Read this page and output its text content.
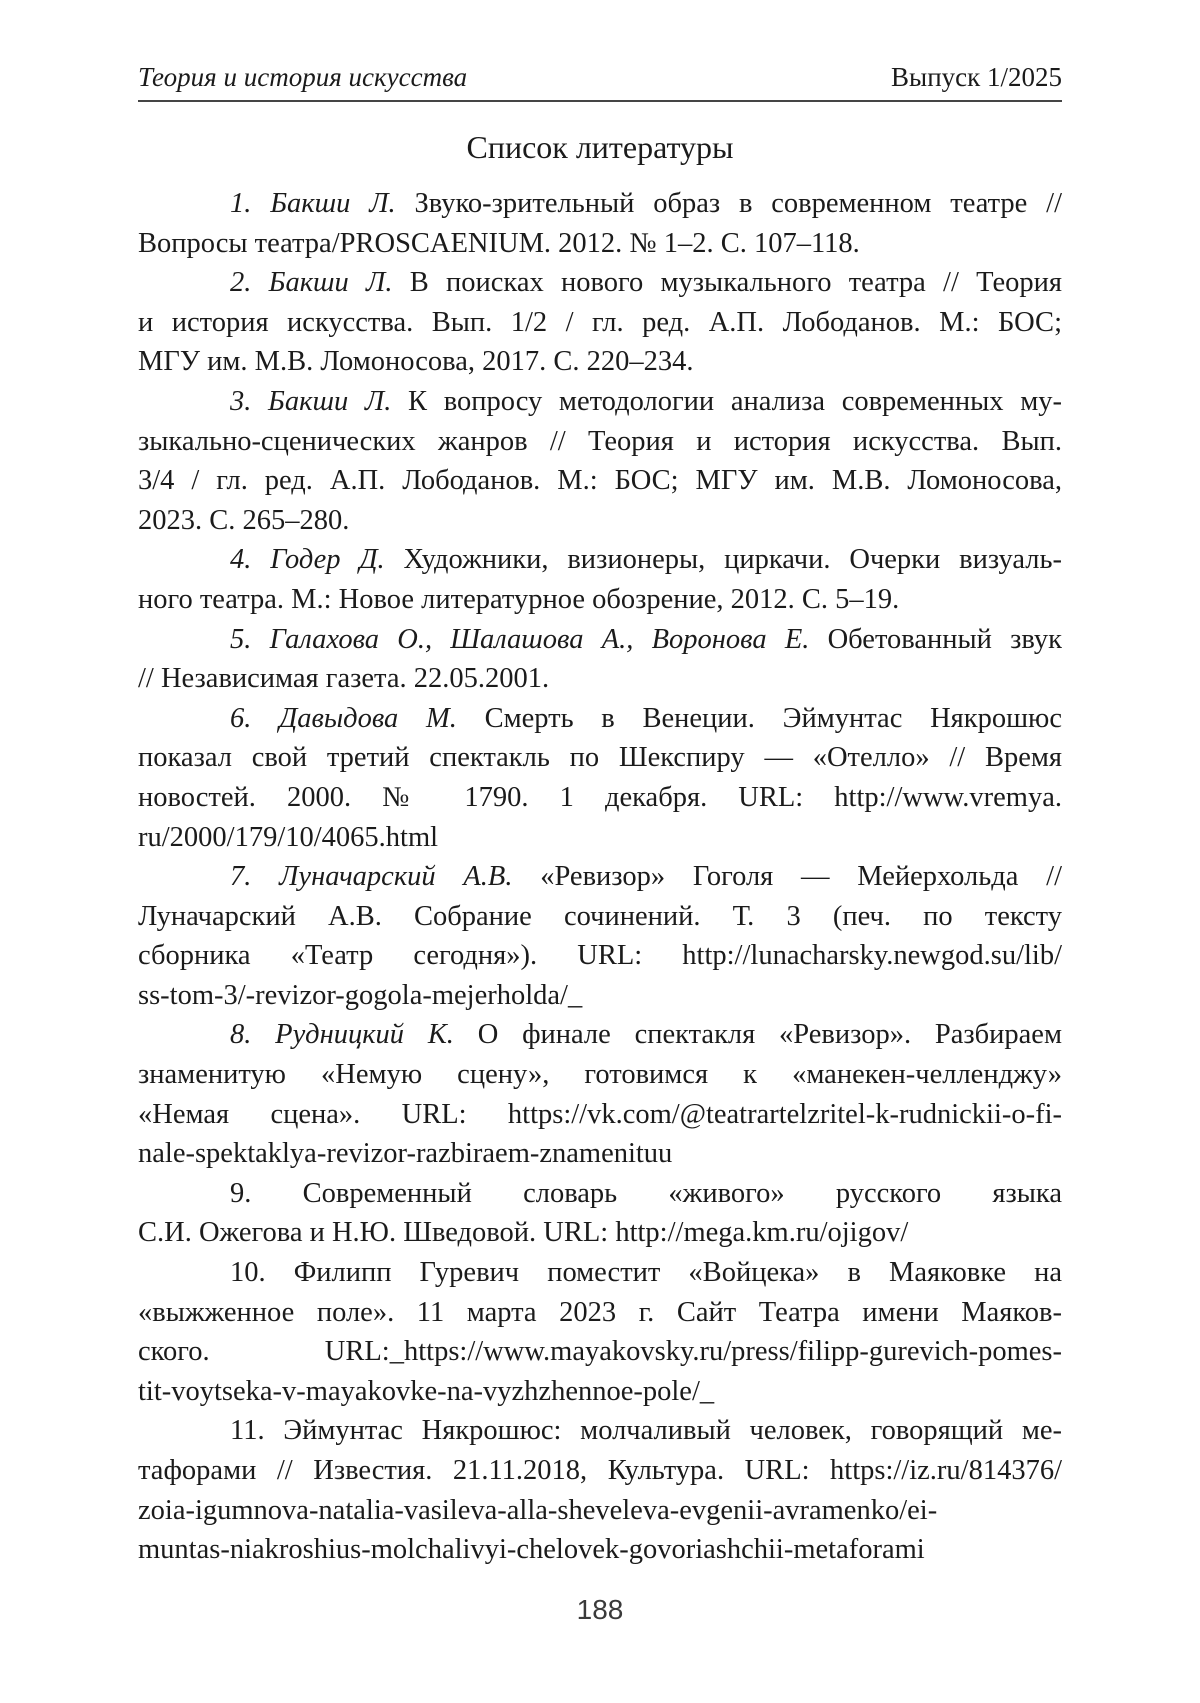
Теория и история искусства	Выпуск 1/2025
Список литературы
1. Бакши Л. Звуко-зрительный образ в современном театре //
Вопросы театра/PROSCAENIUM. 2012. № 1–2. С. 107–118.
2. Бакши Л. В поисках нового музыкального театра // Теория
и история искусства. Вып. 1/2 / гл. ред. А.П. Лободанов. М.: БОС;
МГУ им. М.В. Ломоносова, 2017. С. 220–234.
3. Бакши Л. К вопросу методологии анализа современных му-
зыкально-сценических жанров // Теория и история искусства. Вып.
3/4 / гл. ред. А.П. Лободанов. М.: БОС; МГУ им. М.В. Ломоносова,
2023. С. 265–280.
4. Годер Д. Художники, визионеры, циркачи. Очерки визуаль-
ного театра. М.: Новое литературное обозрение, 2012. С. 5–19.
5. Галахова О., Шалашова А., Воронова Е. Обетованный звук
// Независимая газета. 22.05.2001.
6. Давыдова М. Смерть в Венеции. Эймунтас Някрошюс
показал свой третий спектакль по Шекспиру — «Отелло» // Время
новостей. 2000. № 1790. 1 декабря. URL: http://www.vremya.
ru/2000/179/10/4065.html
7. Луначарский А.В. «Ревизор» Гоголя — Мейерхольда //
Луначарский А.В. Собрание сочинений. Т. 3 (печ. по тексту
сборника «Театр сегодня»). URL: http://lunacharsky.newgod.su/lib/
ss-tom-3/-revizor-gogola-mejerholda/_
8. Рудницкий К. О финале спектакля «Ревизор». Разбираем
знаменитую «Немую сцену», готовимся к «манекен-челленджу»
«Немая сцена». URL: https://vk.com/@teatrartelzritel-k-rudnickii-o-fi-
nale-spektaklya-revizor-razbiraem-znamenituu
9. Современный словарь «живого» русского языка
С.И. Ожегова и Н.Ю. Шведовой. URL: http://mega.km.ru/ojigov/
10. Филипп Гуревич поместит «Войцека» в Маяковке на
«выжженное поле». 11 марта 2023 г. Сайт Театра имени Маяков-
ского. URL:_https://www.mayakovsky.ru/press/filipp-gurevich-pomes-
tit-voytseka-v-mayakovke-na-vyzhzhennoe-pole/_
11. Эймунтас Някрошюс: молчаливый человек, говорящий ме-
тафорами // Известия. 21.11.2018, Культура. URL: https://iz.ru/814376/
zoia-igumnova-natalia-vasileva-alla-sheveleva-evgenii-avramenko/ei-
muntas-niakroshius-molchalivyi-chelovek-govoriashchii-metaforami
188
